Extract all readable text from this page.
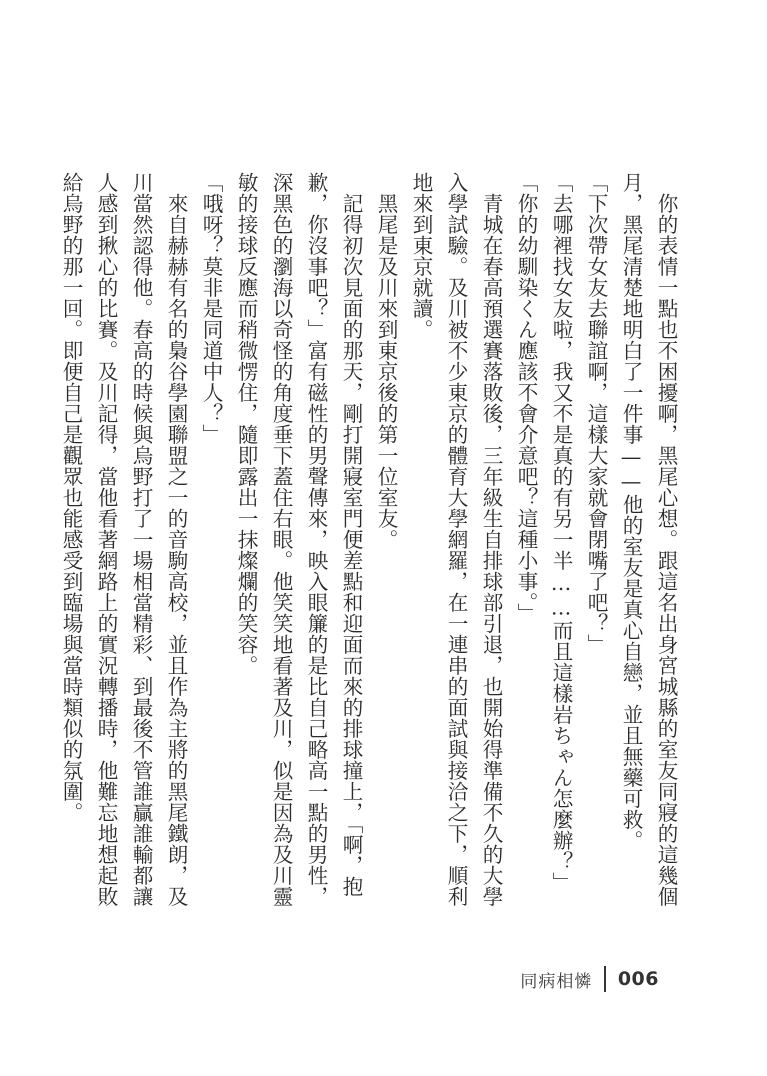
你的表情一點也不困擾啊，黑尾心想。跟這名出身宮城縣的室友同寢的這幾個月，黑尾清楚地明白了一件事——他的室友是真心自戀，並且無藥可救。

「下次帶女友去聯誼啊，這樣大家就會閉嘴了吧？」

「去哪裡找女友啦，我又不是真的有另一半……而且這樣岩ちゃん怎麼辦？」

「你的幼馴染くん應該不會介意吧？這種小事。」

青城在春高預選賽落敗後，三年級生自排球部引退，也開始得準備不久的大學入學試驗。及川被不少東京的體育大學網羅，在一連串的面試與接洽之下，順利地來到東京就讀。

黑尾是及川來到東京後的第一位室友。

記得初次見面的那天，剛打開寢室門便差點和迎面而來的排球撞上，「啊，抱歉，你沒事吧？」富有磁性的男聲傳來，映入眼簾的是比自己略高一點的男性，深黑色的瀏海以奇怪的角度垂下蓋住右眼。他笑笑地看著及川，似是因為及川靈敏的接球反應而稍微愣住，隨即露出一抹燦爛的笑容。

「哦呀？莫非是同道中人？」

來自赫赫有名的梟谷學園聯盟之一的音駒高校，並且作為主將的黑尾鐵朗，及川當然認得他。春高的時候與烏野打了一場相當精彩、到最後不管誰贏誰輸都讓人感到揪心的比賽。及川記得，當他看著網路上的實況轉播時，他難忘地想起敗給烏野的那一回。即便自己是觀眾也能感受到臨場與當時類似的氛圍。

同病相憐 006
